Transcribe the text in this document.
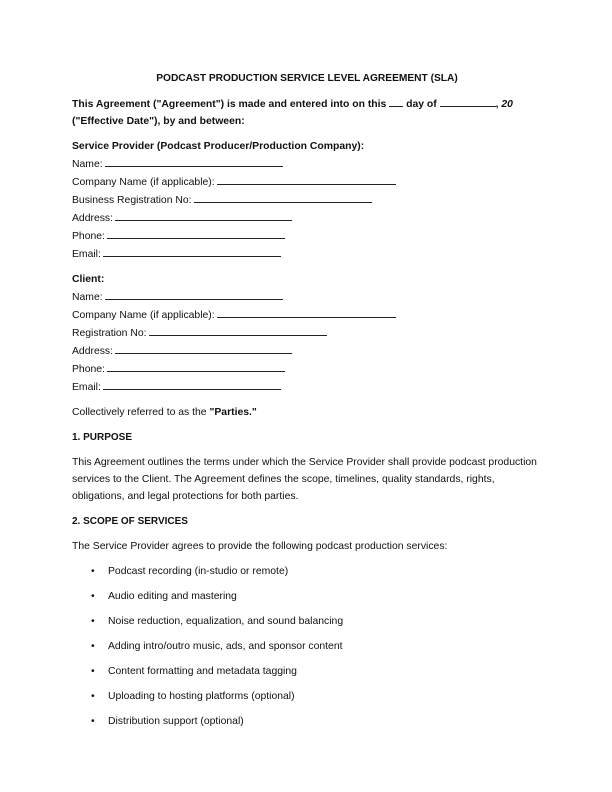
PODCAST PRODUCTION SERVICE LEVEL AGREEMENT (SLA)

This Agreement ("Agreement") is made and entered into on this day of	, 20
("Effective Date"), by and between:

Service Provider (Podcast Producer/Production Company):

Name:

Company Name (if applicable):

Business Registration No:

Address:

Phone:

Email:

Client:

Name:

Company Name (if applicable):

Registration No:

Address:

Phone:

Email:

Collectively referred to as the "Parties."

1. PURPOSE

This Agreement outlines the terms under which the Service Provider shall provide podcast production services to the Client. The Agreement defines the scope, timelines, quality standards, rights, obligations, and legal protections for both parties.

2. SCOPE OF SERVICES

The Service Provider agrees to provide the following podcast production services:

• Podcast recording (in-studio or remote)
• Audio editing and mastering
• Noise reduction, equalization, and sound balancing
• Adding intro/outro music, ads, and sponsor content
• Content formatting and metadata tagging
• Uploading to hosting platforms (optional)
• Distribution support (optional)
